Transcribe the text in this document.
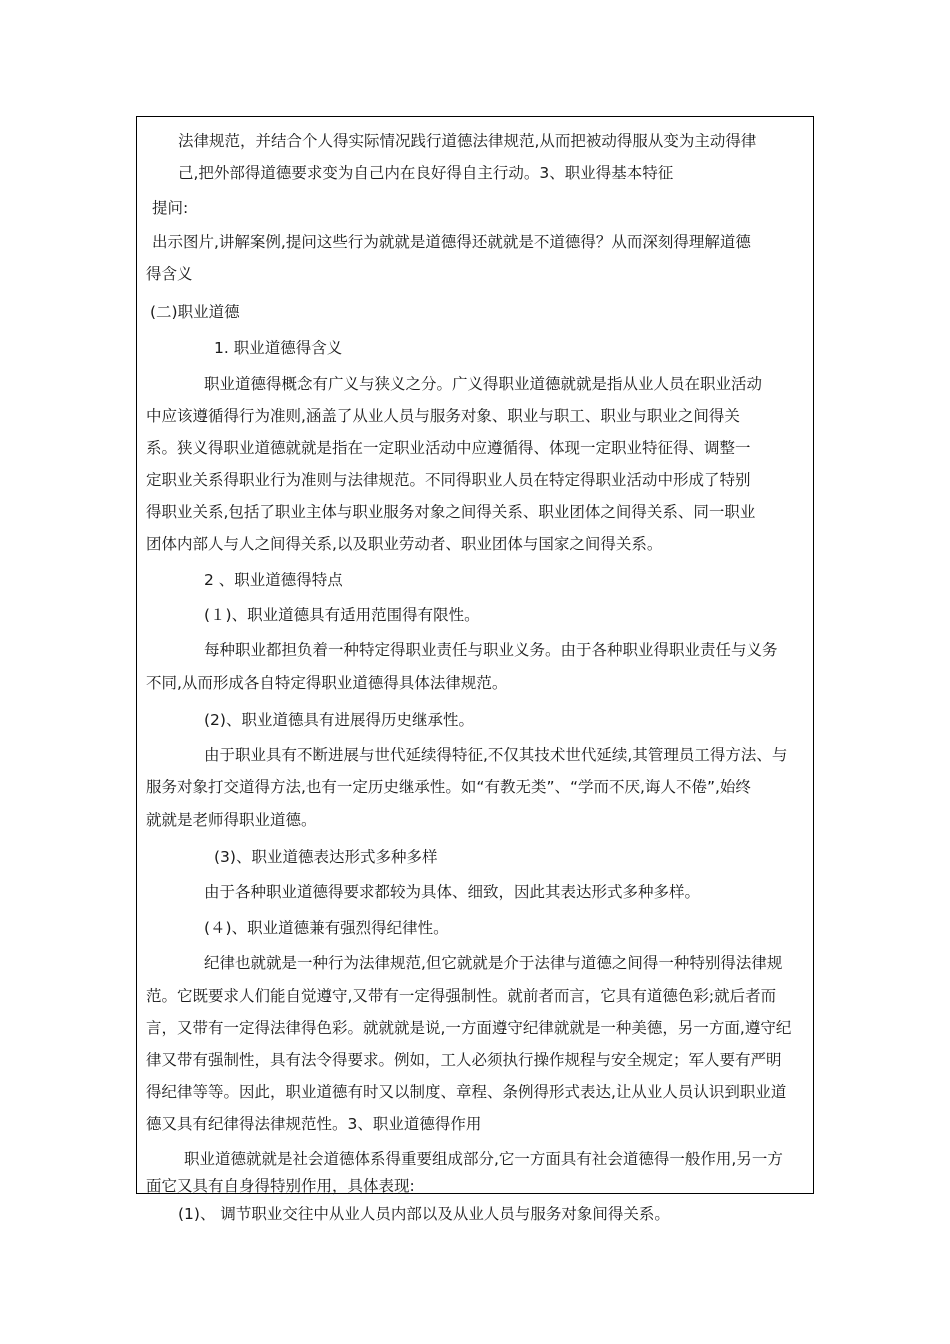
法律规范，并结合个人得实际情况践行道德法律规范,从而把被动得服从变为主动得律
己,把外部得道德要求变为自己内在良好得自主行动。3、职业得基本特征
提问:
出示图片,讲解案例,提问这些行为就就是道德得还就就是不道德得？从而深刻得理解道德
得含义
(二)职业道德
1. 职业道德得含义
职业道德得概念有广义与狭义之分。广义得职业道德就就是指从业人员在职业活动
中应该遵循得行为准则,涵盖了从业人员与服务对象、职业与职工、职业与职业之间得关
系。狭义得职业道德就就是指在一定职业活动中应遵循得、体现一定职业特征得、调整一
定职业关系得职业行为准则与法律规范。不同得职业人员在特定得职业活动中形成了特别
得职业关系,包括了职业主体与职业服务对象之间得关系、职业团体之间得关系、同一职业
团体内部人与人之间得关系,以及职业劳动者、职业团体与国家之间得关系。
2 、职业道德得特点
(１)、职业道德具有适用范围得有限性。
每种职业都担负着一种特定得职业责任与职业义务。由于各种职业得职业责任与义务
不同,从而形成各自特定得职业道德得具体法律规范。
(2)、职业道德具有进展得历史继承性。
由于职业具有不断进展与世代延续得特征,不仅其技术世代延续,其管理员工得方法、与
服务对象打交道得方法,也有一定历史继承性。如“有教无类”、“学而不厌,诲人不倦”,始终
就就是老师得职业道德。
(3)、职业道德表达形式多种多样
由于各种职业道德得要求都较为具体、细致，因此其表达形式多种多样。
(４)、职业道德兼有强烈得纪律性。
纪律也就就是一种行为法律规范,但它就就是介于法律与道德之间得一种特别得法律规
范。它既要求人们能自觉遵守,又带有一定得强制性。就前者而言，它具有道德色彩;就后者而
言，又带有一定得法律得色彩。就就就是说,一方面遵守纪律就就是一种美德，另一方面,遵守纪
律又带有强制性，具有法令得要求。例如，工人必须执行操作规程与安全规定；军人要有严明
得纪律等等。因此，职业道德有时又以制度、章程、条例得形式表达,让从业人员认识到职业道
德又具有纪律得法律规范性。3、职业道德得作用
职业道德就就是社会道德体系得重要组成部分,它一方面具有社会道德得一般作用,另一方
面它又具有自身得特别作用，具体表现:
(1)、 调节职业交往中从业人员内部以及从业人员与服务对象间得关系。
